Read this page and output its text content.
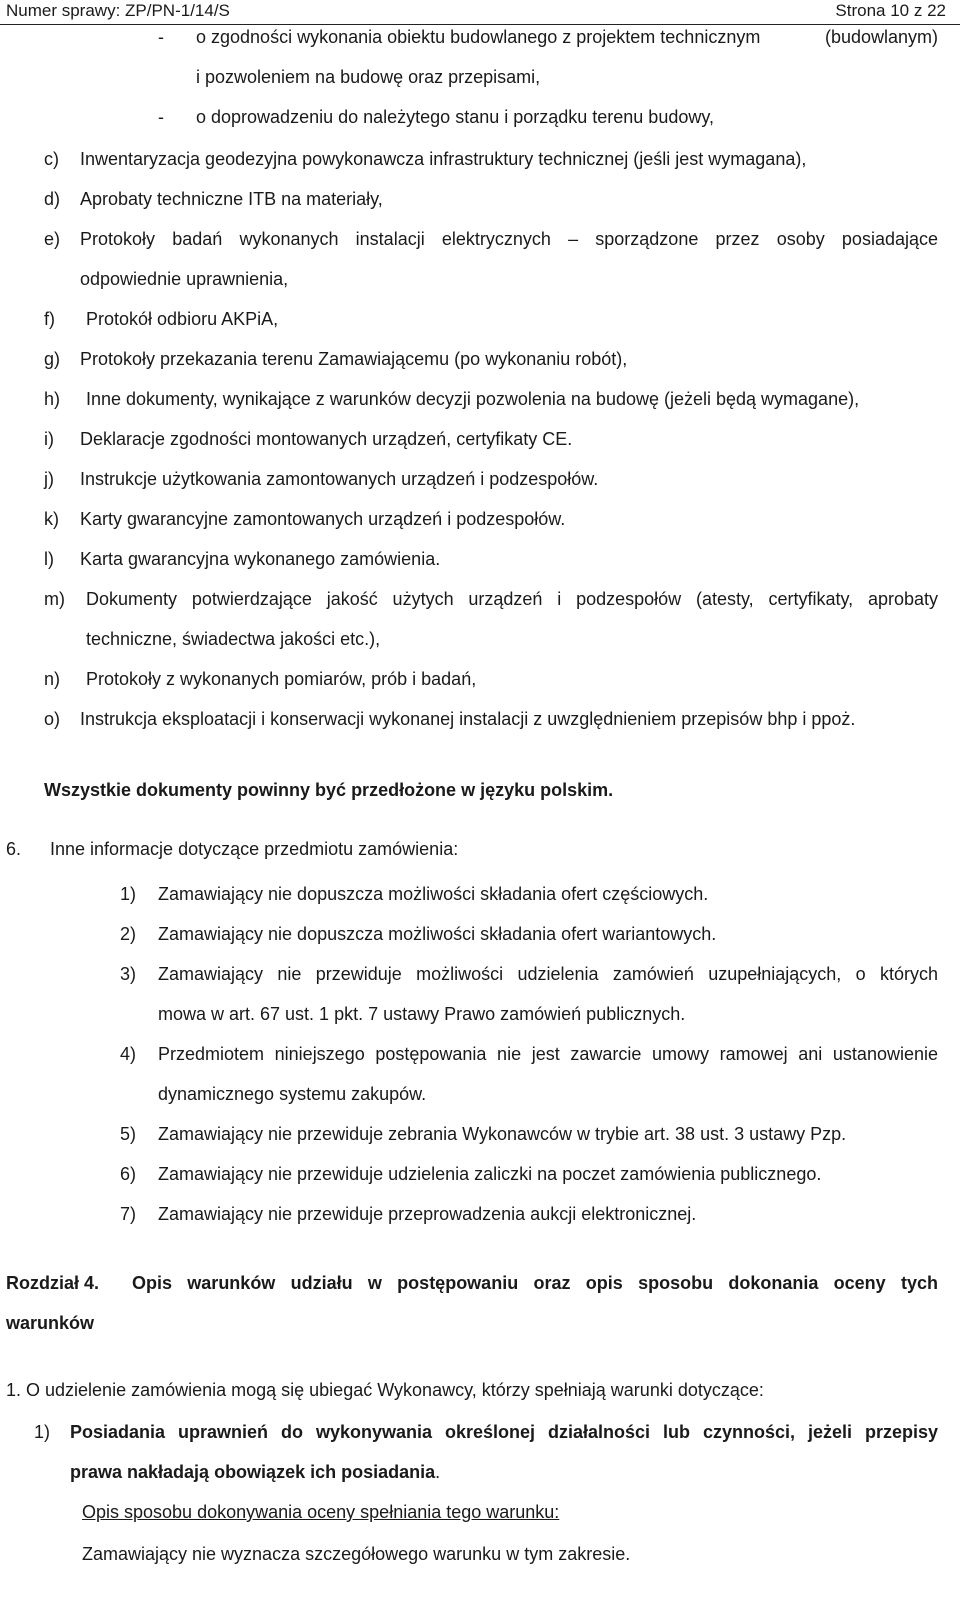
Numer sprawy: ZP/PN-1/14/S	Strona 10 z 22
- o zgodności wykonania obiektu budowlanego z projektem technicznym	(budowlanym)
i pozwoleniem na budowę oraz przepisami,
- o doprowadzeniu do należytego stanu i porządku terenu budowy,
c) Inwentaryzacja geodezyjna powykonawcza infrastruktury technicznej (jeśli jest wymagana),
d) Aprobaty techniczne ITB na materiały,
e) Protokoły badań wykonanych instalacji elektrycznych – sporządzone przez osoby posiadające
odpowiednie uprawnienia,
f) Protokół odbioru AKPiA,
g) Protokoły przekazania terenu Zamawiającemu (po wykonaniu robót),
h) Inne dokumenty, wynikające z warunków decyzji pozwolenia na budowę (jeżeli będą wymagane),
i) Deklaracje zgodności montowanych urządzeń, certyfikaty CE.
j) Instrukcje użytkowania zamontowanych urządzeń i podzespołów.
k) Karty gwarancyjne zamontowanych urządzeń i podzespołów.
l) Karta gwarancyjna wykonanego zamówienia.
m) Dokumenty potwierdzające jakość użytych urządzeń i podzespołów (atesty, certyfikaty, aprobaty
techniczne, świadectwa jakości etc.),
n) Protokoły z wykonanych pomiarów, prób i badań,
o) Instrukcja eksploatacji i konserwacji wykonanej instalacji z uwzględnieniem przepisów bhp i ppoż.
Wszystkie dokumenty powinny być przedłożone w języku polskim.
6. Inne informacje dotyczące przedmiotu zamówienia:
1) Zamawiający nie dopuszcza możliwości składania ofert częściowych.
2) Zamawiający nie dopuszcza możliwości składania ofert wariantowych.
3) Zamawiający nie przewiduje możliwości udzielenia zamówień uzupełniających, o których
mowa w art. 67 ust. 1 pkt. 7 ustawy Prawo zamówień publicznych.
4) Przedmiotem niniejszego postępowania nie jest zawarcie umowy ramowej ani ustanowienie
dynamicznego systemu zakupów.
5) Zamawiający nie przewiduje zebrania Wykonawców w trybie art. 38 ust. 3 ustawy Pzp.
6) Zamawiający nie przewiduje udzielenia zaliczki na poczet zamówienia publicznego.
7) Zamawiający nie przewiduje przeprowadzenia aukcji elektronicznej.
Rozdział 4. Opis warunków udziału w postępowaniu oraz opis sposobu dokonania oceny tych
warunków
1. O udzielenie zamówienia mogą się ubiegać Wykonawcy, którzy spełniają warunki dotyczące:
1) Posiadania uprawnień do wykonywania określonej działalności lub czynności, jeżeli przepisy
prawa nakładają obowiązek ich posiadania.
Opis sposobu dokonywania oceny spełniania tego warunku:
Zamawiający nie wyznacza szczegółowego warunku w tym zakresie.
